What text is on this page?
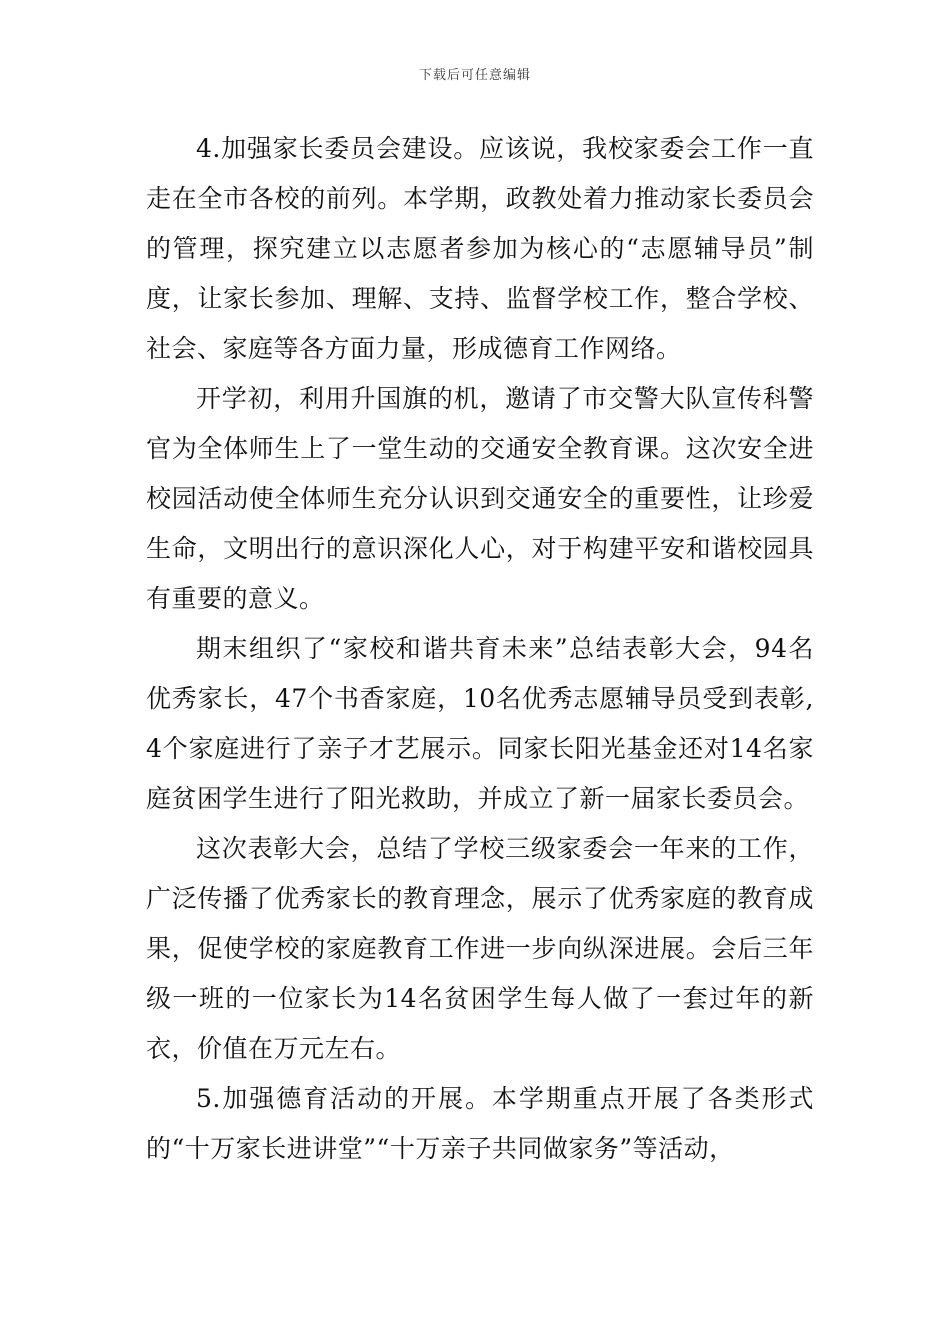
下载后可任意编辑

4.加强家长委员会建设。应该说，我校家委会工作一直走在全市各校的前列。本学期，政教处着力推动家长委员会的管理，探究建立以志愿者参加为核心的“志愿辅导员”制度，让家长参加、理解、支持、监督学校工作，整合学校、社会、家庭等各方面力量，形成德育工作网络。

开学初，利用升国旗的机，邀请了市交警大队宣传科警官为全体师生上了一堂生动的交通安全教育课。这次安全进校园活动使全体师生充分认识到交通安全的重要性，让珍爱生命，文明出行的意识深化人心，对于构建平安和谐校园具有重要的意义。

期末组织了“家校和谐共育未来”总结表彰大会，94名优秀家长，47个书香家庭，10名优秀志愿辅导员受到表彰,4个家庭进行了亲子才艺展示。同家长阳光基金还对14名家庭贫困学生进行了阳光救助，并成立了新一届家长委员会。

这次表彰大会，总结了学校三级家委会一年来的工作，广泛传播了优秀家长的教育理念，展示了优秀家庭的教育成果，促使学校的家庭教育工作进一步向纵深进展。会后三年级一班的一位家长为14名贫困学生每人做了一套过年的新衣，价值在万元左右。

5.加强德育活动的开展。本学期重点开展了各类形式的“十万家长进讲堂”“十万亲子共同做家务”等活动，
